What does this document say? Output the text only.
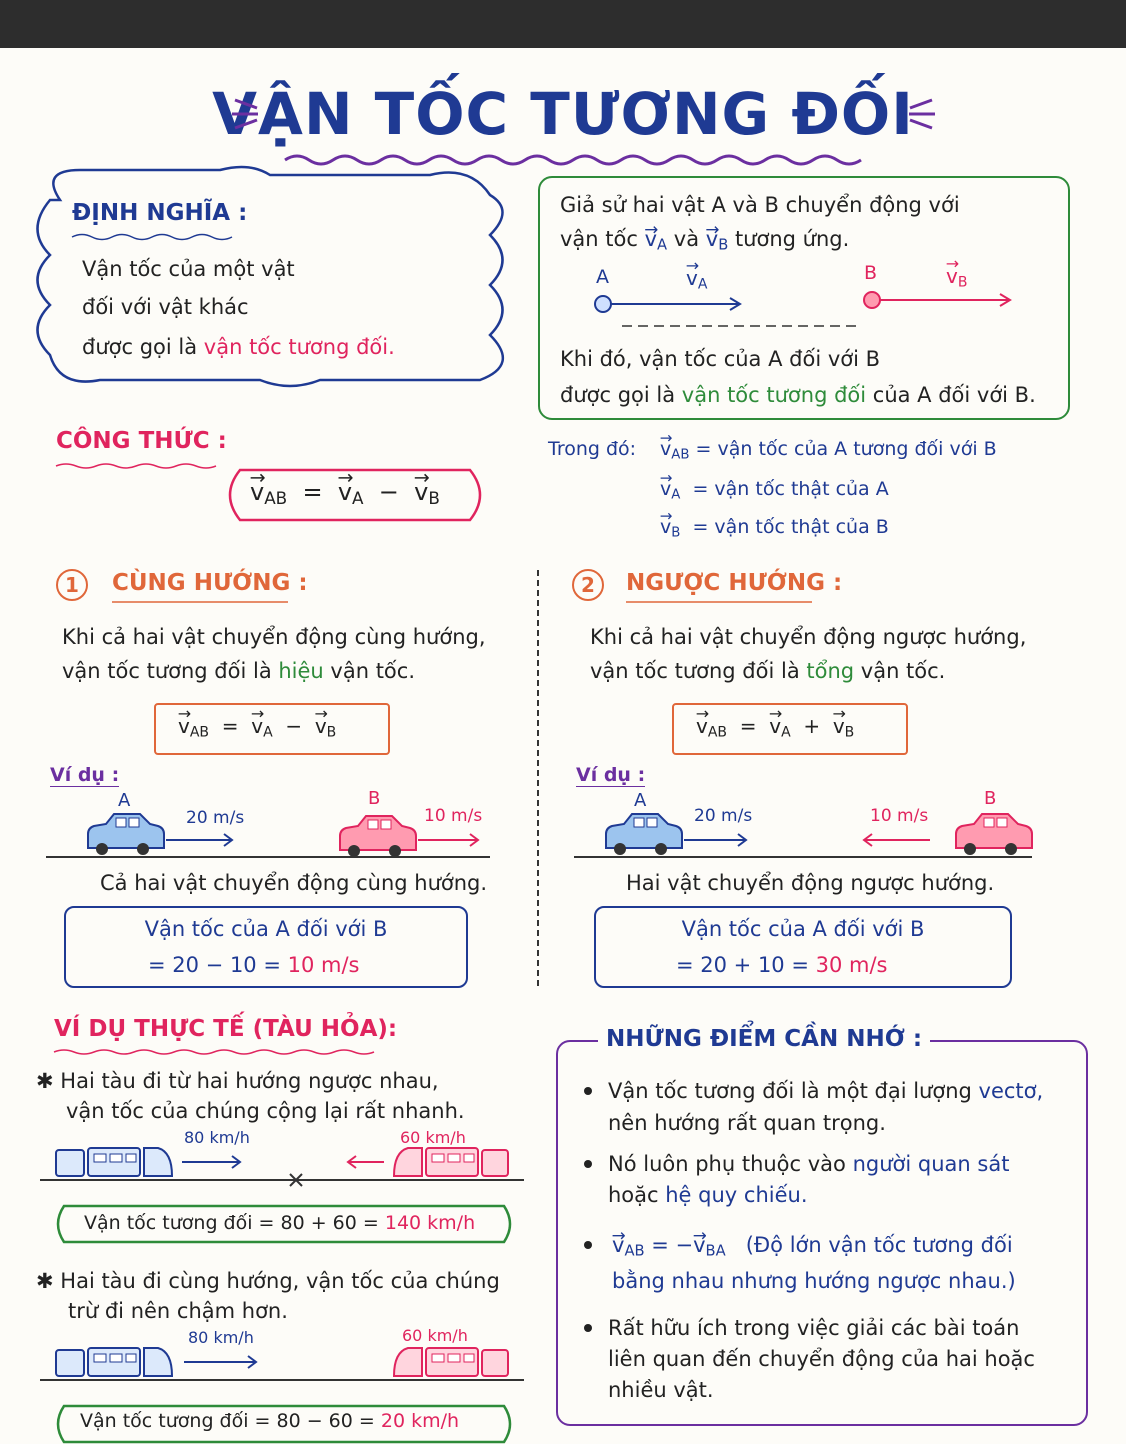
VẬN TỐC TƯƠNG ĐỐI
ĐỊNH NGHĨA :
Vận tốc của một vật
đối với vật khác
được gọi là vận tốc tương đối.
Giả sử hai vật A và B chuyển động với
vận tốc → $v_A$ và → $v_B$ tương ứng.
A	→ $v_A$
B	→ $v_B$
Khi đó, vận tốc của A đối với B
được gọi là vận tốc tương đối của A đối với B.
CÔNG THỨC :
→ $v_{AB}$  =  → $v_A$  −  → $v_B$
Trong đó: → $v_{AB}$ = vận tốc của A tương đối với B
→ $v_A$ = vận tốc thật của A
→ $v_B$ = vận tốc thật của B
1 CÙNG HƯỚNG :
Khi cả hai vật chuyển động cùng hướng,
vận tốc tương đối là hiệu vận tốc.
→ $v_{AB}$  =  → $v_A$  −  → $v_B$
Ví dụ :
A	B
20 m/s	10 m/s
Cả hai vật chuyển động cùng hướng.
Vận tốc của A đối với B
= 20 − 10 = 10 m/s
2 NGƯỢC HƯỚNG :
Khi cả hai vật chuyển động ngược hướng,
vận tốc tương đối là tổng vận tốc.
→ $v_{AB}$  =  → $v_A$  +  → $v_B$
Ví dụ :
A	B
20 m/s	10 m/s
Hai vật chuyển động ngược hướng.
Vận tốc của A đối với B
= 20 + 10 = 30 m/s
VÍ DỤ THỰC TẾ (TÀU HỎA):
✱ Hai tàu đi từ hai hướng ngược nhau,
vận tốc của chúng cộng lại rất nhanh.
80 km/h	60 km/h
Vận tốc tương đối = 80 + 60 = 140 km/h
✱ Hai tàu đi cùng hướng, vận tốc của chúng
trừ đi nên chậm hơn.
80 km/h	60 km/h
Vận tốc tương đối = 80 − 60 = 20 km/h
NHỮNG ĐIỂM CẦN NHỚ :
Vận tốc tương đối là một đại lượng vectơ,
nên hướng rất quan trọng.
Nó luôn phụ thuộc vào người quan sát
hoặc hệ quy chiếu.
→ $v_{AB}$ = −→ $v_{BA}$ (Độ lớn vận tốc tương đối
bằng nhau nhưng hướng ngược nhau.)
Rất hữu ích trong việc giải các bài toán
liên quan đến chuyển động của hai hoặc
nhiều vật.
